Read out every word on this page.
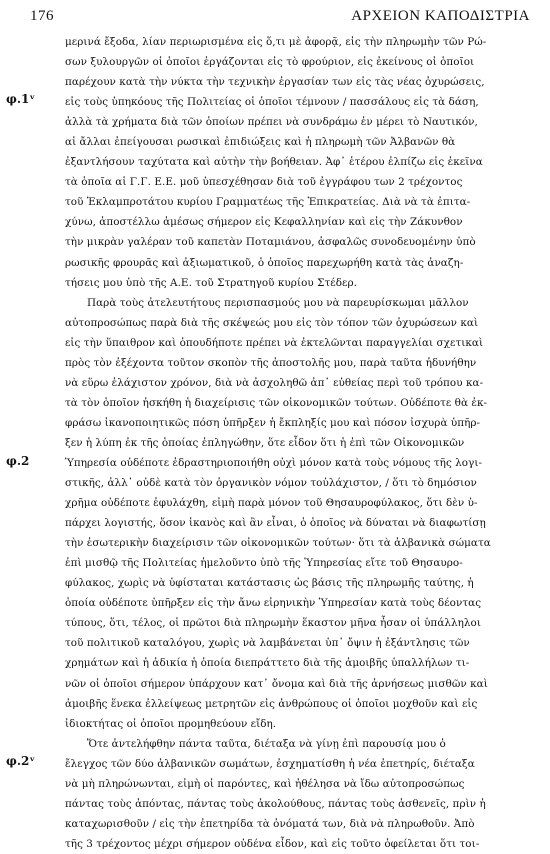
176	ΑΡΧΕΙΟΝ ΚΑΠΟΔΙΣΤΡΙΑ
φ.1ᵛ
φ.2
φ.2ᵛ
μερινά ἔξοδα, λίαν περιωρισμένα εἰς ὅ,τι μὲ ἀφορᾷ, εἰς τὴν πληρωμὴν τῶν Ρώ-
σων ξυλουργῶν οἱ ὁποῖοι ἐργάζονται εἰς τὸ φρούριον, εἰς ἐκείνους οἱ ὁποῖοι
παρέχουν κατὰ τὴν νύκτα τὴν τεχνικὴν ἐργασίαν των εἰς τὰς νέας ὀχυρώσεις,
εἰς τοὺς ὑπηκόους τῆς Πολιτείας οἱ ὁποῖοι τέμνουν / πασσάλους εἰς τὰ δάση,
ἀλλὰ τὰ χρήματα διὰ τῶν ὁποίων πρέπει νὰ συνδράμω ἐν μέρει τὸ Ναυτικόν,
αἱ ἄλλαι ἐπείγουσαι ρωσικαὶ ἐπιδιώξεις καὶ ἡ πληρωμὴ τῶν Ἀλβανῶν θὰ
ἐξαντλήσουν ταχύτατα καὶ αὐτὴν τὴν βοήθειαν. Ἀφ᾽ ἑτέρου ἐλπίζω εἰς ἐκεῖνα
τὰ ὁποῖα αἱ Γ.Γ. Ε.Ε. μοῦ ὑπεσχέθησαν διὰ τοῦ ἐγγράφου των 2 τρέχοντος
τοῦ Ἐκλαμπροτάτου κυρίου Γραμματέως τῆς Ἐπικρατείας. Διὰ νὰ τὰ ἐπιτα-
χύνω, ἀποστέλλω ἀμέσως σήμερον εἰς Κεφαλληνίαν καὶ εἰς τὴν Ζάκυνθον
τὴν μικρὰν γαλέραν τοῦ καπετὰν Ποταμιάνου, ἀσφαλῶς συνοδευομένην ὑπὸ
ρωσικῆς φρουρᾶς καὶ ἀξιωματικοῦ, ὁ ὁποῖος παρεχωρήθη κατὰ τὰς ἀναζη-
τήσεις μου ὑπὸ τῆς Α.Ε. τοῦ Στρατηγοῦ κυρίου Στέδερ.
Παρὰ τοὺς ἀτελευτήτους περισπασμούς μου νὰ παρευρίσκωμαι μᾶλλον
αὐτοπροσώπως παρὰ διὰ τῆς σκέψεώς μου εἰς τὸν τόπον τῶν ὀχυρώσεων καὶ
εἰς τὴν ὕπαιθρον καὶ ὁπουδήποτε πρέπει νὰ ἐκτελῶνται παραγγελίαι σχετικαὶ
πρὸς τὸν ἐξέχοντα τοῦτον σκοπὸν τῆς ἀποστολῆς μου, παρὰ ταῦτα ἠδυνήθην
νὰ εὕρω ἐλάχιστον χρόνον, διὰ νὰ ἀσχοληθῶ ἀπ᾽ εὐθείας περὶ τοῦ τρόπου κα-
τὰ τὸν ὁποῖον ἠσκήθη ἡ διαχείρισις τῶν οἰκονομικῶν τούτων. Οὐδέποτε θὰ ἐκ-
φράσω ἱκανοποιητικῶς πόση ὑπῆρξεν ἡ ἔκπληξίς μου καὶ πόσον ἰσχυρὰ ὑπῆρ-
ξεν ἡ λύπη ἐκ τῆς ὁποίας ἐπληγώθην, ὅτε εἶδον ὅτι ἡ ἐπὶ τῶν Οἰκονομικῶν
Ὑπηρεσία οὐδέποτε ἐδραστηριοποιήθη οὐχὶ μόνον κατὰ τοὺς νόμους τῆς λογι-
στικῆς, ἀλλ᾽ οὐδὲ κατὰ τὸν ὀργανικὸν νόμον τοὐλάχιστον, / ὅτι τὸ δημόσιον
χρῆμα οὐδέποτε ἐφυλάχθη, εἰμὴ παρὰ μόνον τοῦ Θησαυροφύλακος, ὅτι δὲν ὑ-
πάρχει λογιστής, ὅσον ἱκανὸς καὶ ἂν εἶναι, ὁ ὁποῖος νὰ δύναται νὰ διαφωτίσῃ
τὴν ἐσωτερικὴν διαχείρισιν τῶν οἰκονομικῶν τούτων· ὅτι τὰ ἀλβανικὰ σώματα
ἐπὶ μισθῷ τῆς Πολιτείας ἠμελοῦντο ὑπὸ τῆς Ὑπηρεσίας εἴτε τοῦ Θησαυρο-
φύλακος, χωρὶς νὰ ὑφίσταται κατάστασις ὡς βάσις τῆς πληρωμῆς ταύτης, ἡ
ὁποία οὐδέποτε ὑπῆρξεν εἰς τὴν ἄνω εἰρηνικὴν Ὑπηρεσίαν κατὰ τοὺς δέοντας
τύπους, ὅτι, τέλος, οἱ πρῶτοι διὰ πληρωμὴν ἕκαστον μῆνα ἦσαν οἱ ὑπάλληλοι
τοῦ πολιτικοῦ καταλόγου, χωρὶς νὰ λαμβάνεται ὑπ᾽ ὄψιν ἡ ἐξάντλησις τῶν
χρημάτων καὶ ἡ ἀδικία ἡ ὁποία διεπράττετο διὰ τῆς ἀμοιβῆς ὑπαλλήλων τι-
νῶν οἱ ὁποῖοι σήμερον ὑπάρχουν κατ᾽ ὄνομα καὶ διὰ τῆς ἀρνήσεως μισθῶν καὶ
ἀμοιβῆς ἕνεκα ἐλλείψεως μετρητῶν εἰς ἀνθρώπους οἱ ὁποῖοι μοχθοῦν καὶ εἰς
ἰδιοκτήτας οἱ ὁποῖοι προμηθεύουν εἴδη.
Ὅτε ἀντελήφθην πάντα ταῦτα, διέταξα νὰ γίνῃ ἐπὶ παρουσίᾳ μου ὁ
ἔλεγχος τῶν δύο ἀλβανικῶν σωμάτων, ἐσχηματίσθη ἡ νέα ἐπετηρίς, διέταξα
νὰ μὴ πληρώνωνται, εἰμὴ οἱ παρόντες, καὶ ἠθέλησα νὰ ἴδω αὐτοπροσώπως
πάντας τοὺς ἀπόντας, πάντας τοὺς ἀκολούθους, πάντας τοὺς ἀσθενεῖς, πρὶν ἡ
καταχωρισθοῦν / εἰς τὴν ἐπετηρίδα τὰ ὀνόματά των, διὰ νὰ πληρωθοῦν. Ἀπὸ
τῆς 3 τρέχοντος μέχρι σήμερον οὐδένα εἶδον, καὶ εἰς τοῦτο ὀφείλεται ὅτι τοι-
